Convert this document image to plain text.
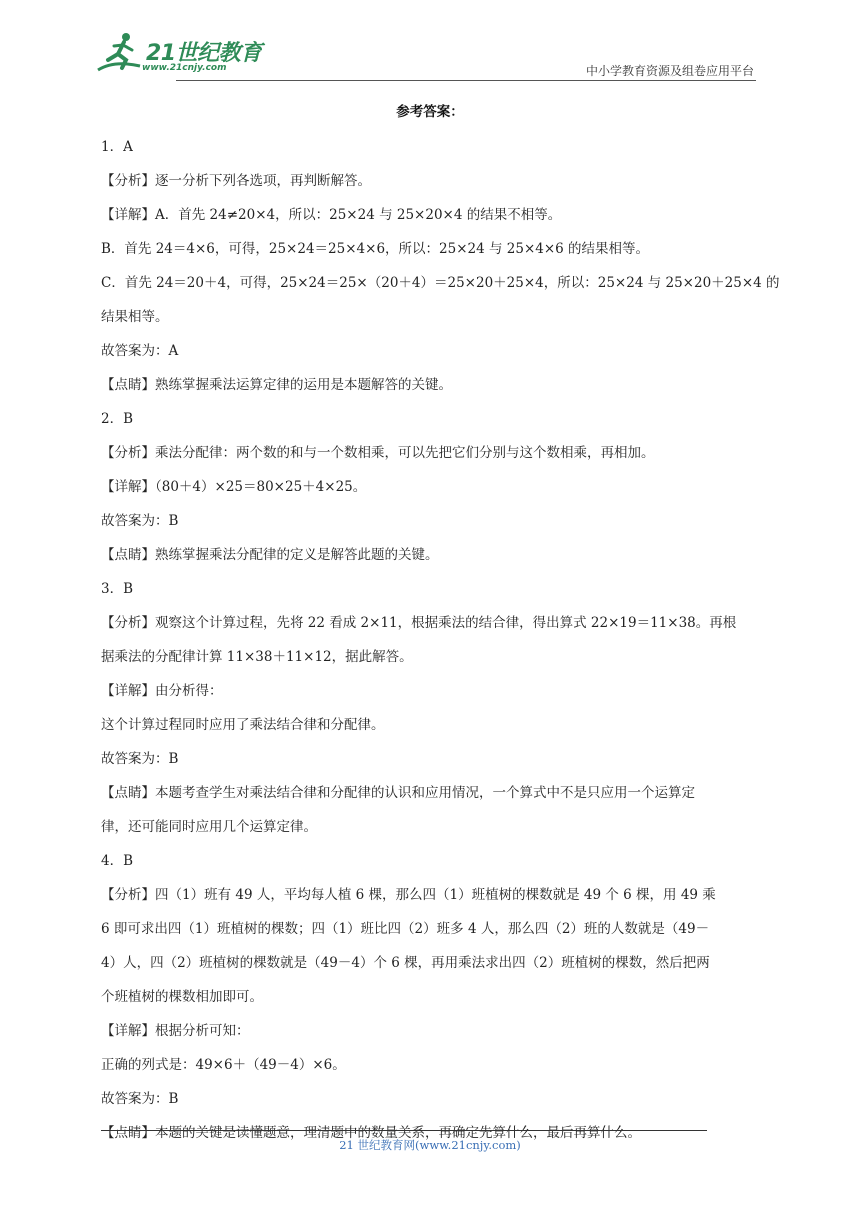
21世纪教育
www.21cnjy.com	中小学教育资源及组卷应用平台
参考答案：
1．A
【分析】逐一分析下列各选项，再判断解答。
【详解】A．首先 24≠20×4，所以：25×24 与 25×20×4 的结果不相等。
B．首先 24＝4×6，可得，25×24＝25×4×6，所以：25×24 与 25×4×6 的结果相等。
C．首先 24＝20＋4，可得，25×24＝25×（20＋4）＝25×20＋25×4，所以：25×24 与 25×20＋25×4 的
结果相等。
故答案为：A
【点睛】熟练掌握乘法运算定律的运用是本题解答的关键。
2．B
【分析】乘法分配律：两个数的和与一个数相乘，可以先把它们分别与这个数相乘，再相加。
【详解】（80＋4）×25＝80×25＋4×25。
故答案为：B
【点睛】熟练掌握乘法分配律的定义是解答此题的关键。
3．B
【分析】观察这个计算过程，先将 22 看成 2×11，根据乘法的结合律，得出算式 22×19＝11×38。再根
据乘法的分配律计算 11×38＋11×12，据此解答。
【详解】由分析得：
这个计算过程同时应用了乘法结合律和分配律。
故答案为：B
【点睛】本题考查学生对乘法结合律和分配律的认识和应用情况，一个算式中不是只应用一个运算定
律，还可能同时应用几个运算定律。
4．B
【分析】四（1）班有 49 人，平均每人植 6 棵，那么四（1）班植树的棵数就是 49 个 6 棵，用 49 乘
6 即可求出四（1）班植树的棵数；四（1）班比四（2）班多 4 人，那么四（2）班的人数就是（49－
4）人，四（2）班植树的棵数就是（49－4）个 6 棵，再用乘法求出四（2）班植树的棵数，然后把两
个班植树的棵数相加即可。
【详解】根据分析可知：
正确的列式是：49×6＋（49－4）×6。
故答案为：B
【点睛】本题的关键是读懂题意，理清题中的数量关系，再确定先算什么，最后再算什么。
21 世纪教育网(www.21cnjy.com)
